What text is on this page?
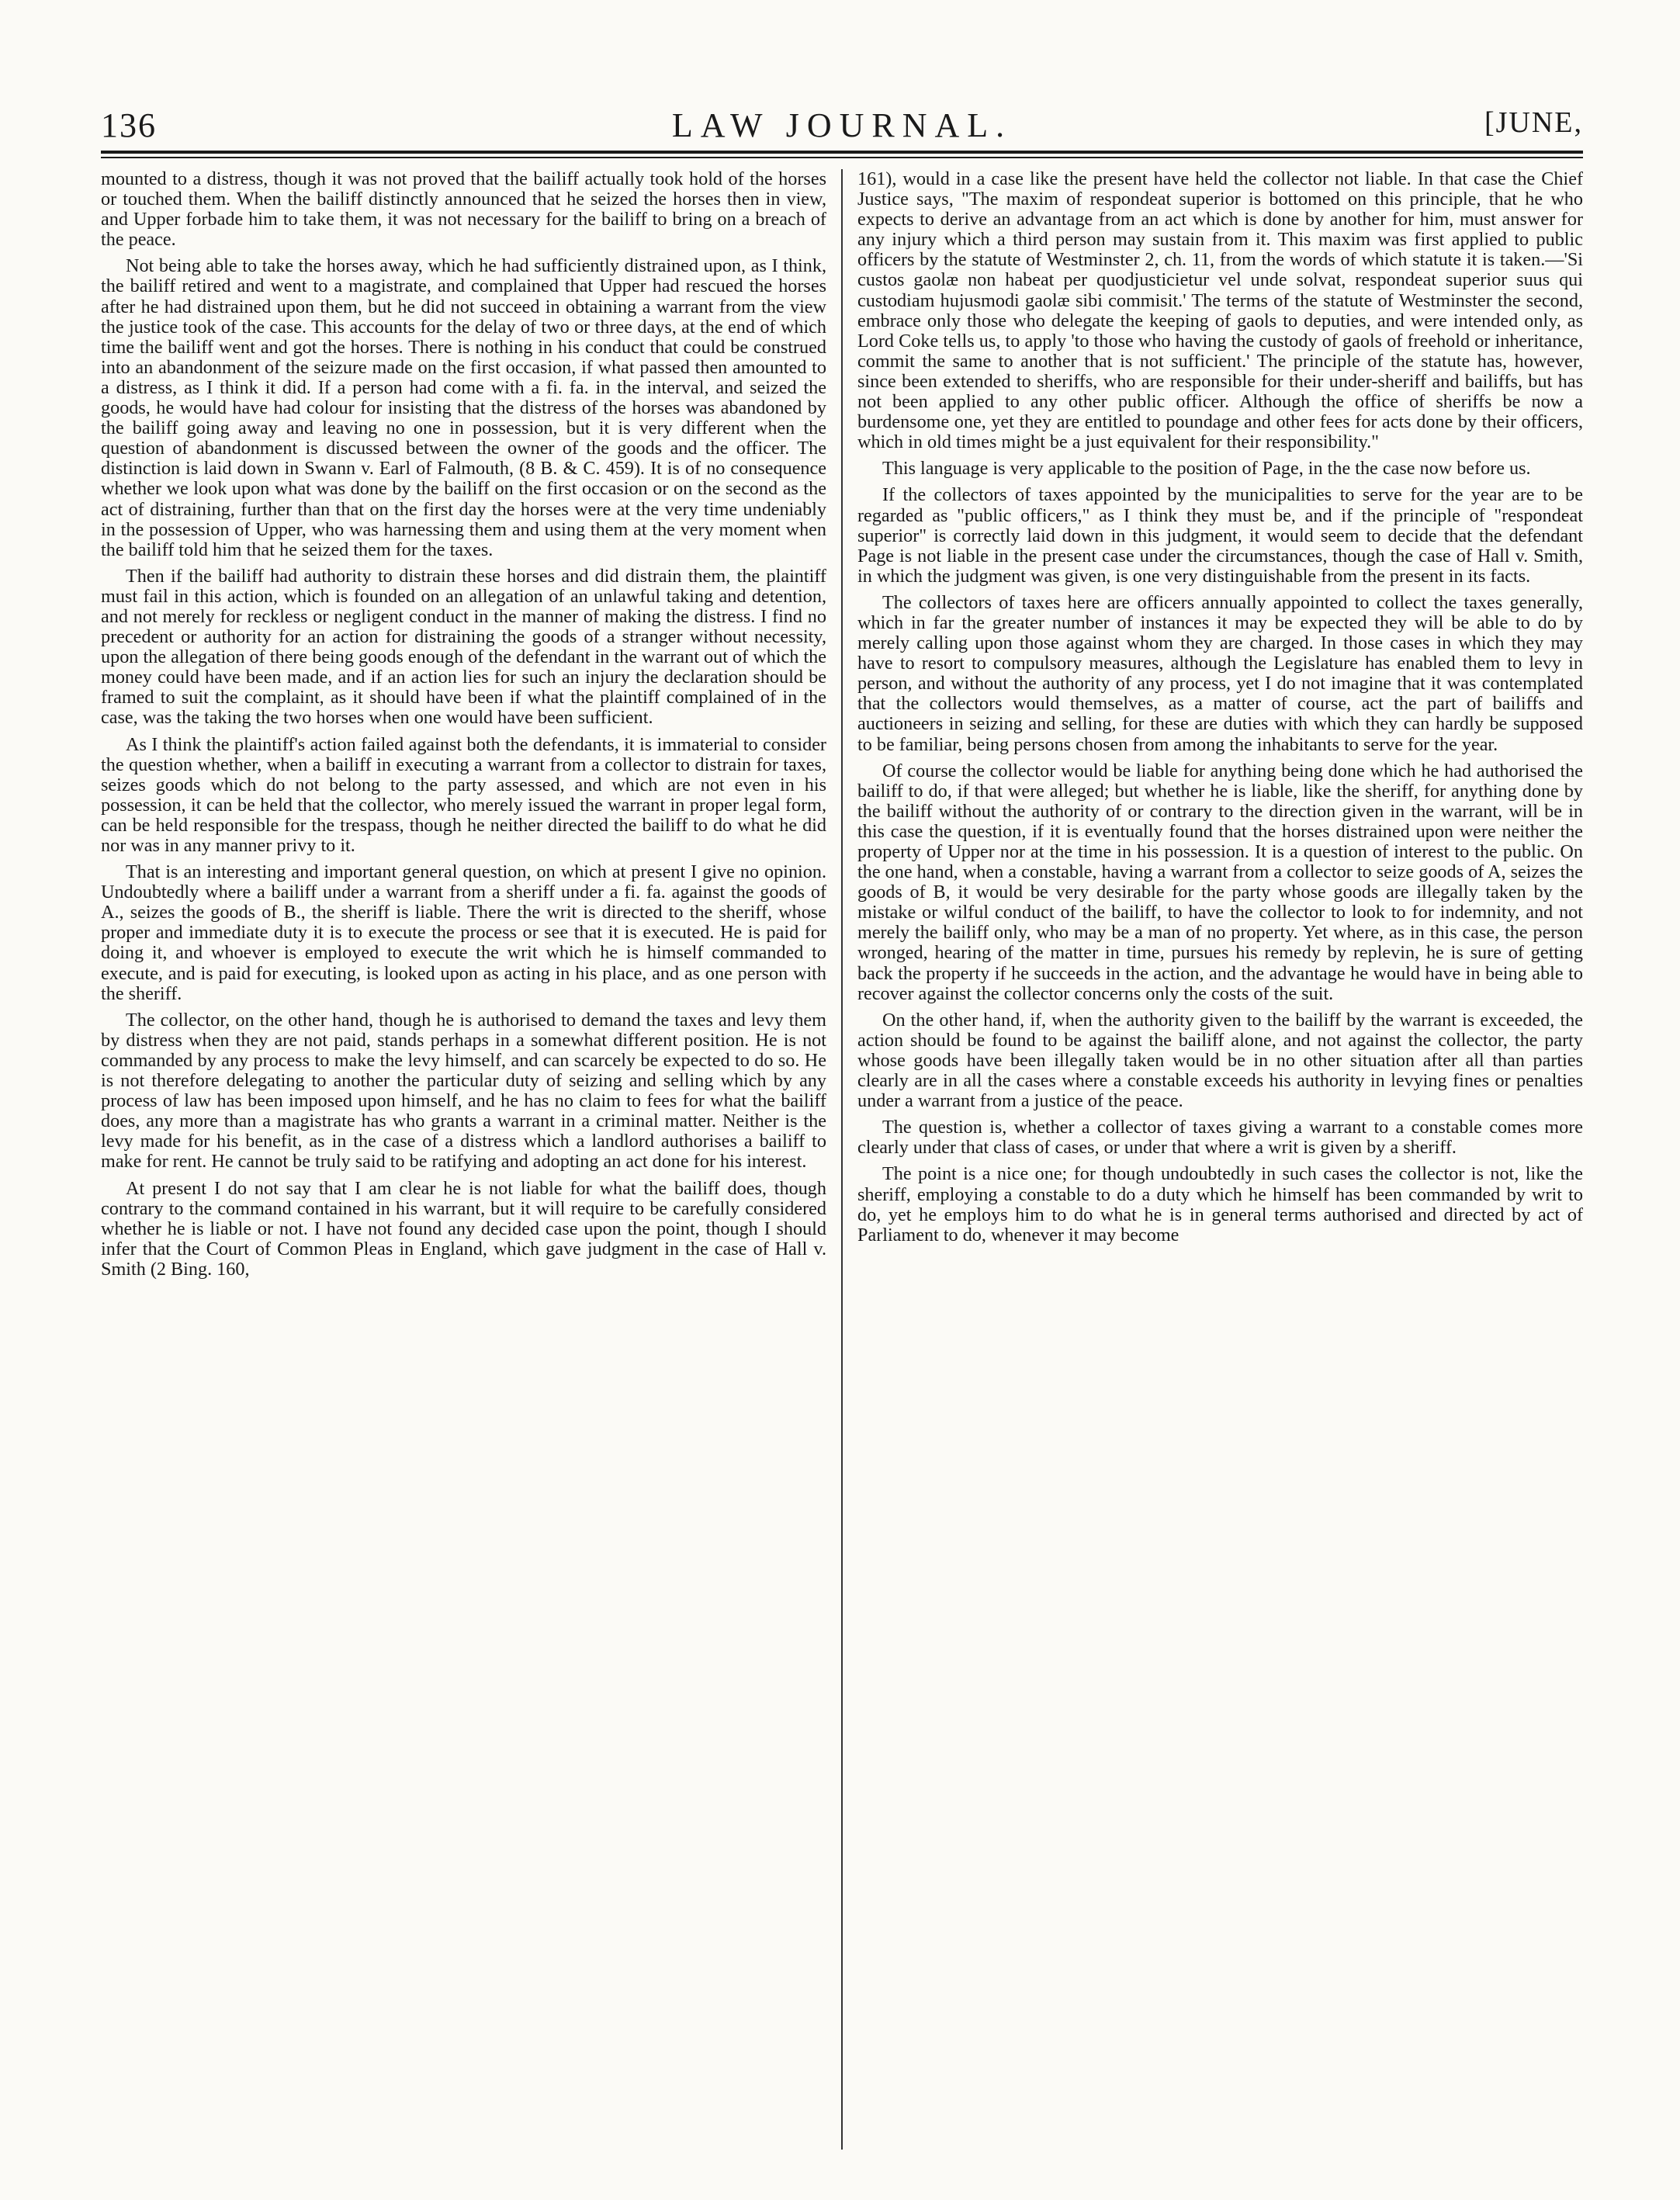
136	LAW JOURNAL.	[JUNE,

mounted to a distress, though it was not proved that the bailiff actually took hold of the horses or touched them. When the bailiff distinctly announced that he seized the horses then in view, and Upper forbade him to take them, it was not necessary for the bailiff to bring on a breach of the peace.

Not being able to take the horses away, which he had sufficiently distrained upon, as I think, the bailiff retired and went to a magistrate, and complained that Upper had rescued the horses after he had distrained upon them, but he did not succeed in obtaining a warrant from the view the justice took of the case. This accounts for the delay of two or three days, at the end of which time the bailiff went and got the horses. There is nothing in his conduct that could be construed into an abandonment of the seizure made on the first occasion, if what passed then amounted to a distress, as I think it did. If a person had come with a fi. fa. in the interval, and seized the goods, he would have had colour for insisting that the distress of the horses was abandoned by the bailiff going away and leaving no one in possession, but it is very different when the question of abandonment is discussed between the owner of the goods and the officer. The distinction is laid down in Swann v. Earl of Falmouth, (8 B. & C. 459). It is of no consequence whether we look upon what was done by the bailiff on the first occasion or on the second as the act of distraining, further than that on the first day the horses were at the very time undeniably in the possession of Upper, who was harnessing them and using them at the very moment when the bailiff told him that he seized them for the taxes.

Then if the bailiff had authority to distrain these horses and did distrain them, the plaintiff must fail in this action, which is founded on an allegation of an unlawful taking and detention, and not merely for reckless or negligent conduct in the manner of making the distress. I find no precedent or authority for an action for distraining the goods of a stranger without necessity, upon the allegation of there being goods enough of the defendant in the warrant out of which the money could have been made, and if an action lies for such an injury the declaration should be framed to suit the complaint, as it should have been if what the plaintiff complained of in the case, was the taking the two horses when one would have been sufficient.

As I think the plaintiff's action failed against both the defendants, it is immaterial to consider the question whether, when a bailiff in executing a warrant from a collector to distrain for taxes, seizes goods which do not belong to the party assessed, and which are not even in his possession, it can be held that the collector, who merely issued the warrant in proper legal form, can be held responsible for the trespass, though he neither directed the bailiff to do what he did nor was in any manner privy to it.

That is an interesting and important general question, on which at present I give no opinion. Undoubtedly where a bailiff under a warrant from a sheriff under a fi. fa. against the goods of A., seizes the goods of B., the sheriff is liable. There the writ is directed to the sheriff, whose proper and immediate duty it is to execute the process or see that it is executed. He is paid for doing it, and whoever is employed to execute the writ which he is himself commanded to execute, and is paid for executing, is looked upon as acting in his place, and as one person with the sheriff.

The collector, on the other hand, though he is authorised to demand the taxes and levy them by distress when they are not paid, stands perhaps in a somewhat different position. He is not commanded by any process to make the levy himself, and can scarcely be expected to do so. He is not therefore delegating to another the particular duty of seizing and selling which by any process of law has been imposed upon himself, and he has no claim to fees for what the bailiff does, any more than a magistrate has who grants a warrant in a criminal matter. Neither is the levy made for his benefit, as in the case of a distress which a landlord authorises a bailiff to make for rent. He cannot be truly said to be ratifying and adopting an act done for his interest.

At present I do not say that I am clear he is not liable for what the bailiff does, though contrary to the command contained in his warrant, but it will require to be carefully considered whether he is liable or not. I have not found any decided case upon the point, though I should infer that the Court of Common Pleas in England, which gave judgment in the case of Hall v. Smith (2 Bing. 160,

161), would in a case like the present have held the collector not liable. In that case the Chief Justice says, "The maxim of respondeat superior is bottomed on this principle, that he who expects to derive an advantage from an act which is done by another for him, must answer for any injury which a third person may sustain from it. This maxim was first applied to public officers by the statute of Westminster 2, ch. 11, from the words of which statute it is taken.—'Si custos gaolæ non habeat per quodjusticietur vel unde solvat, respondeat superior suus qui custodiam hujusmodi gaolæ sibi commisit.' The terms of the statute of Westminster the second, embrace only those who delegate the keeping of gaols to deputies, and were intended only, as Lord Coke tells us, to apply 'to those who having the custody of gaols of freehold or inheritance, commit the same to another that is not sufficient.' The principle of the statute has, however, since been extended to sheriffs, who are responsible for their under-sheriff and bailiffs, but has not been applied to any other public officer. Although the office of sheriffs be now a burdensome one, yet they are entitled to poundage and other fees for acts done by their officers, which in old times might be a just equivalent for their responsibility."

This language is very applicable to the position of Page, in the the case now before us.

If the collectors of taxes appointed by the municipalities to serve for the year are to be regarded as "public officers," as I think they must be, and if the principle of "respondeat superior" is correctly laid down in this judgment, it would seem to decide that the defendant Page is not liable in the present case under the circumstances, though the case of Hall v. Smith, in which the judgment was given, is one very distinguishable from the present in its facts.

The collectors of taxes here are officers annually appointed to collect the taxes generally, which in far the greater number of instances it may be expected they will be able to do by merely calling upon those against whom they are charged. In those cases in which they may have to resort to compulsory measures, although the Legislature has enabled them to levy in person, and without the authority of any process, yet I do not imagine that it was contemplated that the collectors would themselves, as a matter of course, act the part of bailiffs and auctioneers in seizing and selling, for these are duties with which they can hardly be supposed to be familiar, being persons chosen from among the inhabitants to serve for the year.

Of course the collector would be liable for anything being done which he had authorised the bailiff to do, if that were alleged; but whether he is liable, like the sheriff, for anything done by the bailiff without the authority of or contrary to the direction given in the warrant, will be in this case the question, if it is eventually found that the horses distrained upon were neither the property of Upper nor at the time in his possession. It is a question of interest to the public. On the one hand, when a constable, having a warrant from a collector to seize goods of A, seizes the goods of B, it would be very desirable for the party whose goods are illegally taken by the mistake or wilful conduct of the bailiff, to have the collector to look to for indemnity, and not merely the bailiff only, who may be a man of no property. Yet where, as in this case, the person wronged, hearing of the matter in time, pursues his remedy by replevin, he is sure of getting back the property if he succeeds in the action, and the advantage he would have in being able to recover against the collector concerns only the costs of the suit.

On the other hand, if, when the authority given to the bailiff by the warrant is exceeded, the action should be found to be against the bailiff alone, and not against the collector, the party whose goods have been illegally taken would be in no other situation after all than parties clearly are in all the cases where a constable exceeds his authority in levying fines or penalties under a warrant from a justice of the peace.

The question is, whether a collector of taxes giving a warrant to a constable comes more clearly under that class of cases, or under that where a writ is given by a sheriff.

The point is a nice one; for though undoubtedly in such cases the collector is not, like the sheriff, employing a constable to do a duty which he himself has been commanded by writ to do, yet he employs him to do what he is in general terms authorised and directed by act of Parliament to do, whenever it may become
